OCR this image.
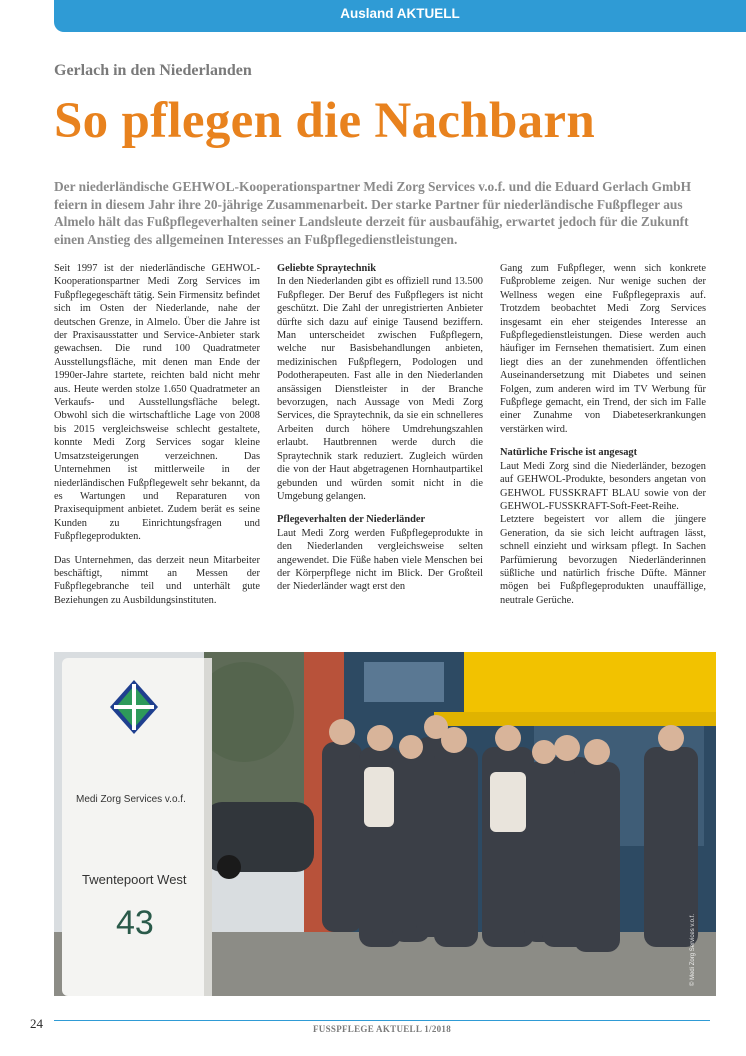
Ausland AKTUELL
Gerlach in den Niederlanden
So pflegen die Nachbarn

Der niederländische GEHWOL-Kooperationspartner Medi Zorg Services v.o.f. und die Eduard Gerlach GmbH feiern in diesem Jahr ihre 20-jährige Zusammenarbeit. Der starke Partner für niederländische Fußpfleger aus Almelo hält das Fußpflegeverhalten seiner Landsleute derzeit für ausbaufähig, erwartet jedoch für die Zukunft einen Anstieg des allgemeinen Interesses an Fußpflegedienstleistungen.

Seit 1997 ist der niederländische GEHWOL-Kooperationspartner Medi Zorg Services im Fußpflegegeschäft tätig. Sein Firmensitz befindet sich im Osten der Niederlande, nahe der deutschen Grenze, in Almelo. Über die Jahre ist der Praxisausstatter und Service-Anbieter stark gewachsen. Die rund 100 Quadratmeter Ausstellungsfläche, mit denen man Ende der 1990er-Jahre startete, reichten bald nicht mehr aus. Heute werden stolze 1.650 Quadratmeter an Verkaufs- und Ausstellungsfläche belegt. Obwohl sich die wirtschaftliche Lage von 2008 bis 2015 vergleichsweise schlecht gestaltete, konnte Medi Zorg Services sogar kleine Umsatzsteigerungen verzeichnen. Das Unternehmen ist mittlerweile in der niederländischen Fußpflegewelt sehr bekannt, da es Wartungen und Reparaturen von Praxisequipment anbietet. Zudem berät es seine Kunden zu Einrichtungsfragen und Fußpflegeprodukten.

Das Unternehmen, das derzeit neun Mitarbeiter beschäftigt, nimmt an Messen der Fußpflegebranche teil und unterhält gute Beziehungen zu Ausbildungsinstituten.

Geliebte Spraytechnik

In den Niederlanden gibt es offiziell rund 13.500 Fußpfleger. Der Beruf des Fußpflegers ist nicht geschützt. Die Zahl der unregistrierten Anbieter dürfte sich dazu auf einige Tausend beziffern. Man unterscheidet zwischen Fußpflegern, welche nur Basisbehandlungen anbieten, medizinischen Fußpflegern, Podologen und Podotherapeuten. Fast alle in den Niederlanden ansässigen Dienstleister in der Branche bevorzugen, nach Aussage von Medi Zorg Services, die Spraytechnik, da sie ein schnelleres Arbeiten durch höhere Umdrehungszahlen erlaubt. Hautbrennen werde durch die Spraytechnik stark reduziert. Zugleich würden die von der Haut abgetragenen Hornhautpartikel gebunden und würden somit nicht in die Umgebung gelangen.

Pflegeverhalten der Niederländer

Laut Medi Zorg werden Fußpflegeprodukte in den Niederlanden vergleichsweise selten angewendet. Die Füße haben viele Menschen bei der Körperpflege nicht im Blick. Der Großteil der Niederländer wagt erst den

Gang zum Fußpfleger, wenn sich konkrete Fußprobleme zeigen. Nur wenige suchen der Wellness wegen eine Fußpflegepraxis auf. Trotzdem beobachtet Medi Zorg Services insgesamt ein eher steigendes Interesse an Fußpflegedienstleistungen. Diese werden auch häufiger im Fernsehen thematisiert. Zum einen liegt dies an der zunehmenden öffentlichen Auseinandersetzung mit Diabetes und seinen Folgen, zum anderen wird im TV Werbung für Fußpflege gemacht, ein Trend, der sich im Falle einer Zunahme von Diabeteserkrankungen verstärken wird.

Natürliche Frische ist angesagt

Laut Medi Zorg sind die Niederländer, bezogen auf GEHWOL-Produkte, besonders angetan von GEHWOL FUSSKRAFT BLAU sowie von der GEHWOL-FUSSKRAFT-Soft-Feet-Reihe. Letztere begeistert vor allem die jüngere Generation, da sie sich leicht auftragen lässt, schnell einzieht und wirksam pflegt. In Sachen Parfümierung bevorzugen Niederländerinnen süßliche und natürlich frische Düfte. Männer mögen bei Fußpflegeprodukten unauffällige, neutrale Gerüche.

Medi Zorg Services v.o.f.
Twentepoort West
43	© Medi Zorg Services v.o.f.
24	FUSSPFLEGE AKTUELL 1/2018
